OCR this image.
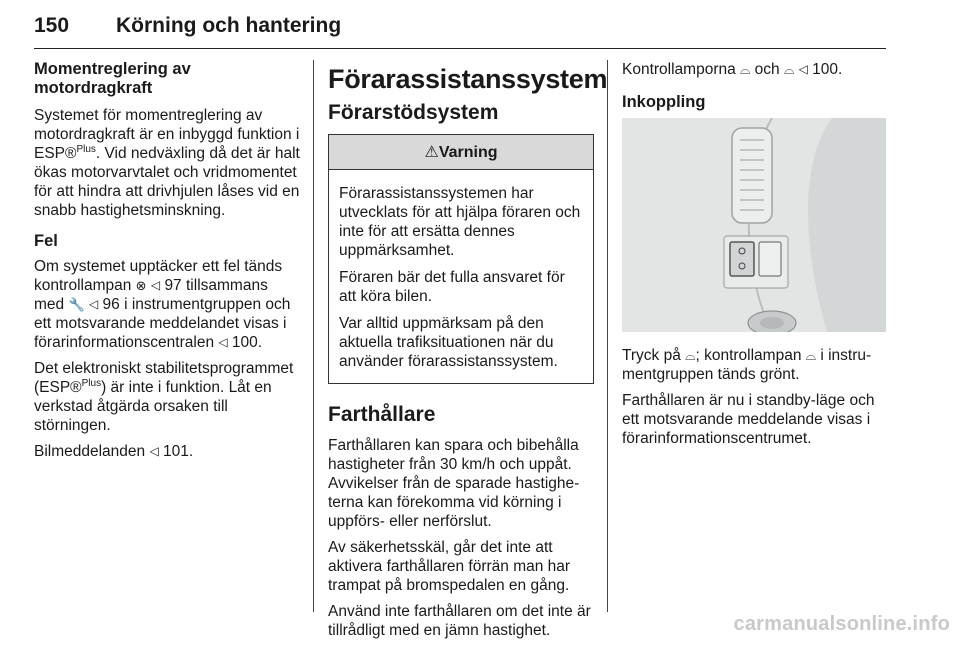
150 Körning och hantering
Momentreglering av motordragkraft

Systemet för momentreglering av motordragkraft är en inbyggd funktion i ESP®$^{Plus}$. Vid nedväxling då det är halt ökas motorvarvtalet och vridmomentet för att hindra att drivhjulen låses vid en snabb hastighetsminskning.

Fel

Om systemet upptäcker ett fel tänds kontrollampan ⊗ ◁ 97 tillsammans med 🔧 ◁ 96 i instrumentgruppen och ett motsvarande meddelandet visas i förarinformationscentralen ◁ 100.

Det elektroniskt stabilitetsprogrammet (ESP®$^{Plus}$) är inte i funktion. Låt en verkstad åtgärda orsaken till störningen.

Bilmeddelanden ◁ 101.

Förarassistanssystem
Förarstödsystem
⚠Varning

Förarassistanssystemen har utvecklats för att hjälpa föraren och inte för att ersätta dennes uppmärksamhet.

Föraren bär det fulla ansvaret för att köra bilen.

Var alltid uppmärksam på den aktuella trafiksituationen när du använder förarassistanssystem.

Farthållare

Farthållaren kan spara och bibehålla hastigheter från 30 km/h och uppåt. Avvikelser från de sparade hastigheterna kan förekomma vid körning i uppförs- eller nerförslut.

Av säkerhetsskäl, går det inte att aktivera farthållaren förrän man har trampat på bromspedalen en gång.

Använd inte farthållaren om det inte är tillrådligt med en jämn hastighet.

Kontrollamporna ⌓ och ⌓ ◁ 100.

Inkoppling

Tryck på ⌓; kontrollampan ⌓ i instrumentgruppen tänds grönt.

Farthållaren är nu i standby-läge och ett motsvarande meddelande visas i förarinformationscentrumet.

carmanualsonline.info
